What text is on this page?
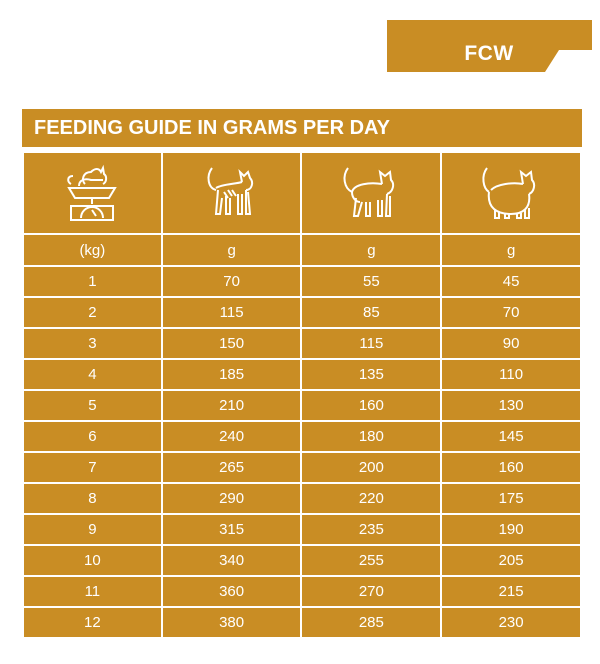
FCW
FEEDING GUIDE IN GRAMS PER DAY

(kg)	g	g	g
1	70	55	45
2	115	85	70
3	150	115	90
4	185	135	110
5	210	160	130
6	240	180	145
7	265	200	160
8	290	220	175
9	315	235	190
10	340	255	205
11	360	270	215
12	380	285	230
